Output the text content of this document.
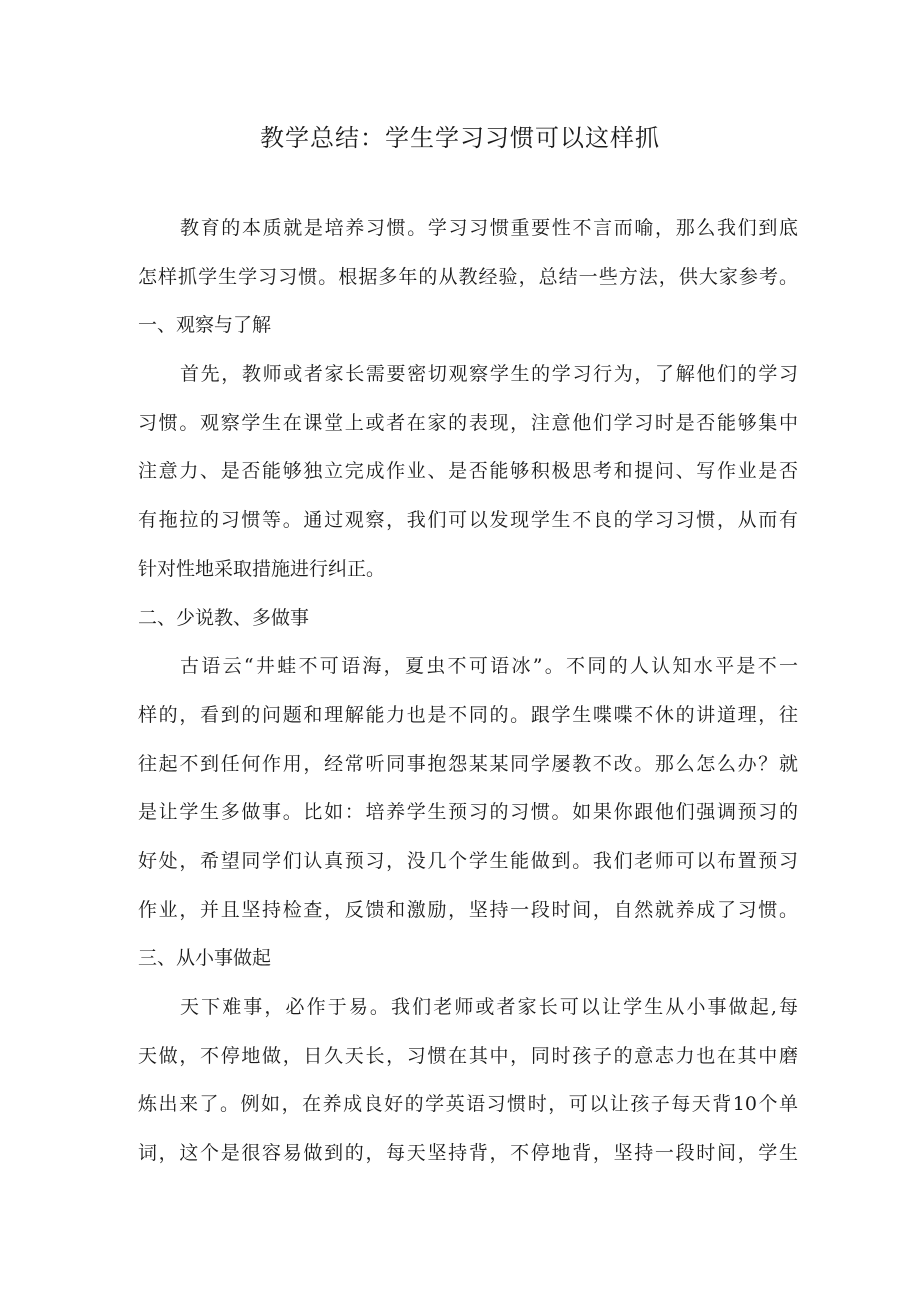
教学总结：学生学习习惯可以这样抓
教育的本质就是培养习惯。学习习惯重要性不言而喻，那么我们到底
怎样抓学生学习习惯。根据多年的从教经验，总结一些方法，供大家参考。
一、观察与了解
首先，教师或者家长需要密切观察学生的学习行为，了解他们的学习
习惯。观察学生在课堂上或者在家的表现，注意他们学习时是否能够集中
注意力、是否能够独立完成作业、是否能够积极思考和提问、写作业是否
有拖拉的习惯等。通过观察，我们可以发现学生不良的学习习惯，从而有
针对性地采取措施进行纠正。
二、少说教、多做事
古语云“井蛙不可语海，夏虫不可语冰”。不同的人认知水平是不一
样的，看到的问题和理解能力也是不同的。跟学生喋喋不休的讲道理，往
往起不到任何作用，经常听同事抱怨某某同学屡教不改。那么怎么办？就
是让学生多做事。比如：培养学生预习的习惯。如果你跟他们强调预习的
好处，希望同学们认真预习，没几个学生能做到。我们老师可以布置预习
作业，并且坚持检查，反馈和激励，坚持一段时间，自然就养成了习惯。
三、从小事做起
天下难事，必作于易。我们老师或者家长可以让学生从小事做起,每
天做，不停地做，日久天长，习惯在其中，同时孩子的意志力也在其中磨
炼出来了。例如，在养成良好的学英语习惯时，可以让孩子每天背10个单
词，这个是很容易做到的，每天坚持背，不停地背，坚持一段时间，学生
